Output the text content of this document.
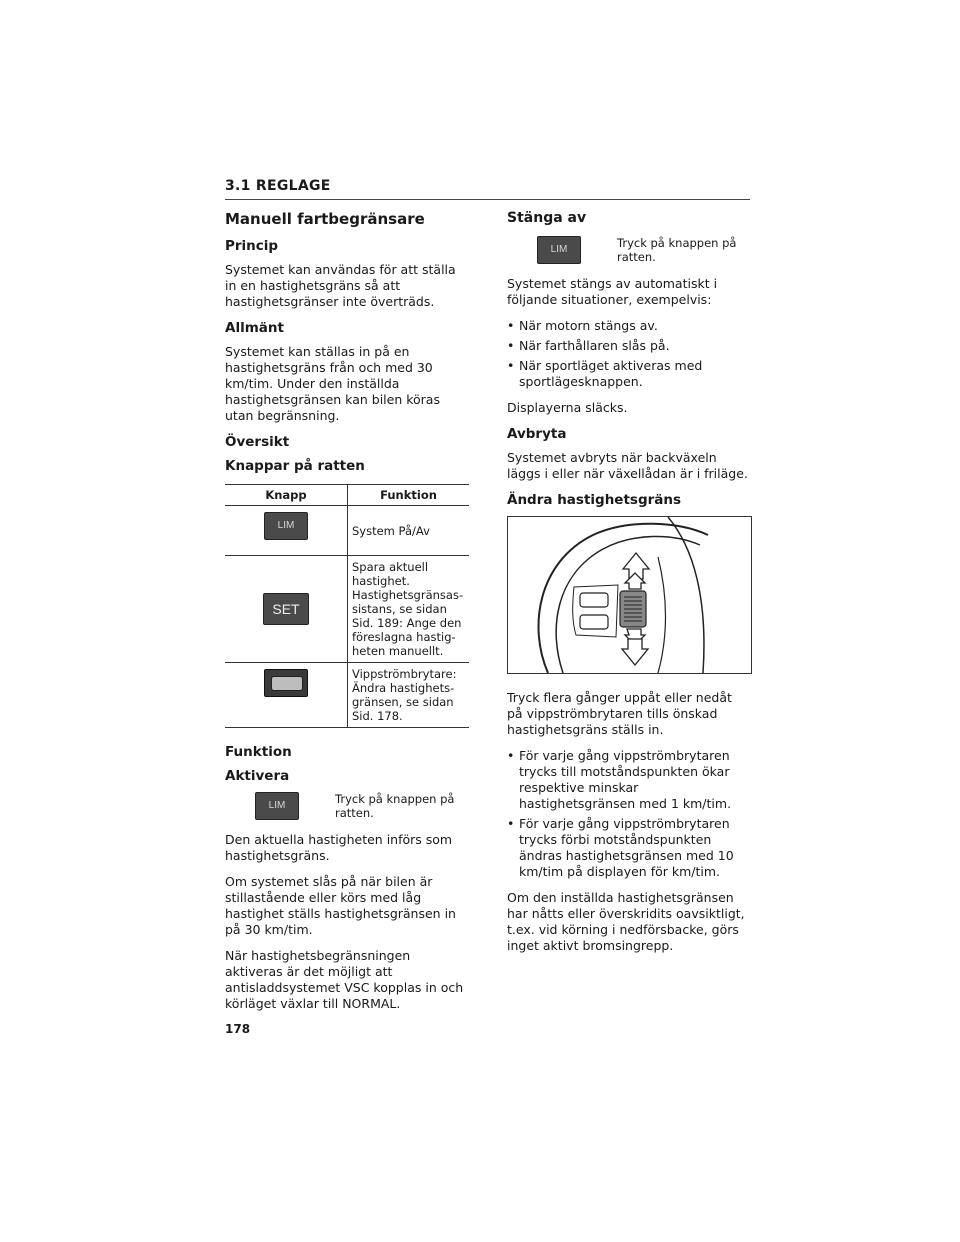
3.1 REGLAGE
Manuell fartbegränsare
Princip

Systemet kan användas för att ställa in en hastighetsgräns så att hastighetsgränser inte överträds.

Allmänt

Systemet kan ställas in på en hastighetsgräns från och med 30 km/tim. Under den inställda hastighetsgränsen kan bilen köras utan begränsning.

Översikt
Knappar på ratten
Knapp	Funktion
LIM	System På/Av
SET	Spara aktuell hastighet. Hastighetsgränsassistans, se sidan Sid. 189: Ange den föreslagna hastigheten manuellt.
	Vippströmbrytare: Ändra hastighetsgränsen, se sidan Sid. 178.
Funktion
Aktivera
LIM	Tryck på knappen på ratten.

Den aktuella hastigheten införs som hastighetsgräns.

Om systemet slås på när bilen är stillastående eller körs med låg hastighet ställs hastighetsgränsen in på 30 km/tim.

När hastighetsbegränsningen aktiveras är det möjligt att antisladdsystemet VSC kopplas in och körläget växlar till NORMAL.

Stänga av
LIM	Tryck på knappen på ratten.

Systemet stängs av automatiskt i följande situationer, exempelvis:

• När motorn stängs av.
• När farthållaren slås på.
• När sportläget aktiveras med sportlägesknappen.

Displayerna släcks.

Avbryta

Systemet avbryts när backväxeln läggs i eller när växellådan är i friläge.

Ändra hastighetsgräns

Tryck flera gånger uppåt eller nedåt på vippströmbrytaren tills önskad hastighetsgräns ställs in.

• För varje gång vippströmbrytaren trycks till motståndspunkten ökar respektive minskar hastighetsgränsen med 1 km/tim.
• För varje gång vippströmbrytaren trycks förbi motståndspunkten ändras hastighetsgränsen med 10 km/tim på displayen för km/tim.

Om den inställda hastighetsgränsen har nåtts eller överskridits oavsiktligt, t.ex. vid körning i nedförsbacke, görs inget aktivt bromsingrepp.

178
